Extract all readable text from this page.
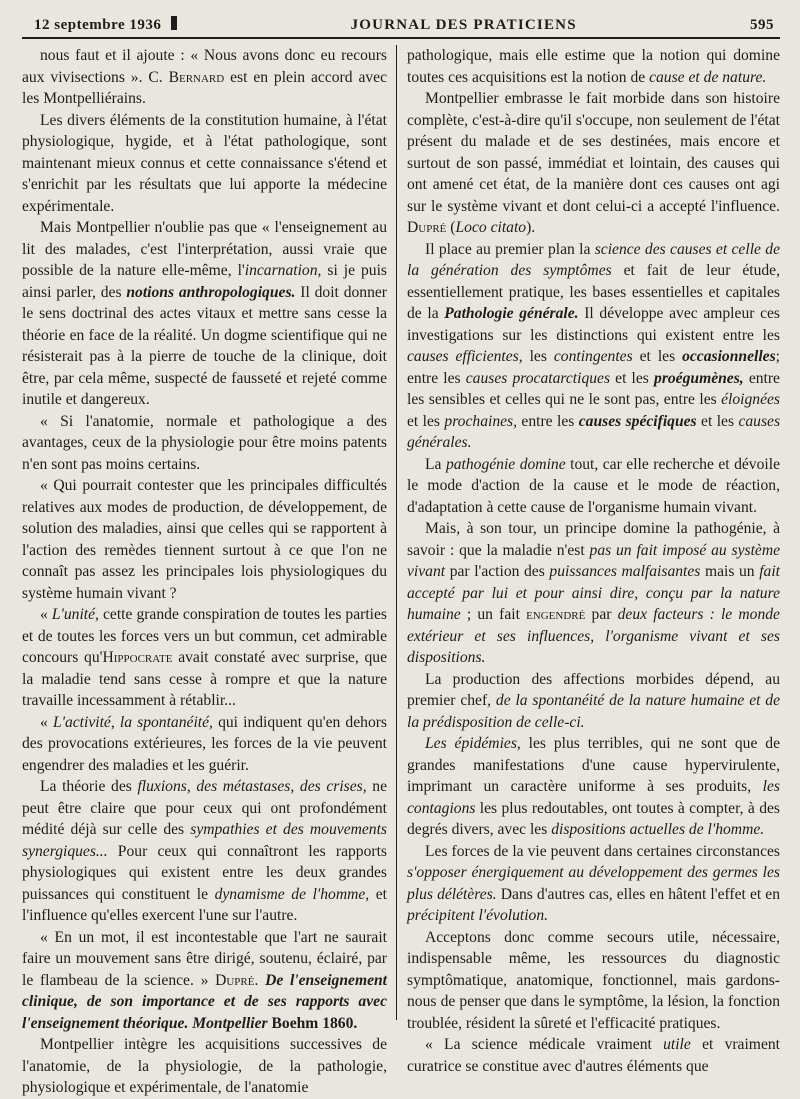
12 septembre 1936	JOURNAL DES PRATICIENS	595

nous faut et il ajoute : « Nous avons donc eu recours aux vivisections ». C. Bernard est en plein accord avec les Montpelliérains.

Les divers éléments de la constitution humaine, à l'état physiologique, hygide, et à l'état pathologique, sont maintenant mieux connus et cette connaissance s'étend et s'enrichit par les résultats que lui apporte la médecine expérimentale.

Mais Montpellier n'oublie pas que « l'enseignement au lit des malades, c'est l'interprétation, aussi vraie que possible de la nature elle-même, l'incarnation, si je puis ainsi parler, des notions anthropologiques. Il doit donner le sens doctrinal des actes vitaux et mettre sans cesse la théorie en face de la réalité. Un dogme scientifique qui ne résisterait pas à la pierre de touche de la clinique, doit être, par cela même, suspecté de fausseté et rejeté comme inutile et dangereux.

« Si l'anatomie, normale et pathologique a des avantages, ceux de la physiologie pour être moins patents n'en sont pas moins certains.

« Qui pourrait contester que les principales difficultés relatives aux modes de production, de développement, de solution des maladies, ainsi que celles qui se rapportent à l'action des remèdes tiennent surtout à ce que l'on ne connaît pas assez les principales lois physiologiques du système humain vivant ?

« L'unité, cette grande conspiration de toutes les parties et de toutes les forces vers un but commun, cet admirable concours qu'Hippocrate avait constaté avec surprise, que la maladie tend sans cesse à rompre et que la nature travaille incessamment à rétablir...

« L'activité, la spontanéité, qui indiquent qu'en dehors des provocations extérieures, les forces de la vie peuvent engendrer des maladies et les guérir.

La théorie des fluxions, des métastases, des crises, ne peut être claire que pour ceux qui ont profondément médité déjà sur celle des sympathies et des mouvements synergiques... Pour ceux qui connaîtront les rapports physiologiques qui existent entre les deux grandes puissances qui constituent le dynamisme de l'homme, et l'influence qu'elles exercent l'une sur l'autre.

« En un mot, il est incontestable que l'art ne saurait faire un mouvement sans être dirigé, soutenu, éclairé, par le flambeau de la science. » Dupré. De l'enseignement clinique, de son importance et de ses rapports avec l'enseignement théorique. Montpellier Boehm 1860.

Montpellier intègre les acquisitions successives de l'anatomie, de la physiologie, de la pathologie, physiologique et expérimentale, de l'anatomie

pathologique, mais elle estime que la notion qui domine toutes ces acquisitions est la notion de cause et de nature.

Montpellier embrasse le fait morbide dans son histoire complète, c'est-à-dire qu'il s'occupe, non seulement de l'état présent du malade et de ses destinées, mais encore et surtout de son passé, immédiat et lointain, des causes qui ont amené cet état, de la manière dont ces causes ont agi sur le système vivant et dont celui-ci a accepté l'influence. Dupré (Loco citato).

Il place au premier plan la science des causes et celle de la génération des symptômes et fait de leur étude, essentiellement pratique, les bases essentielles et capitales de la Pathologie générale. Il développe avec ampleur ces investigations sur les distinctions qui existent entre les causes efficientes, les contingentes et les occasionnelles; entre les causes procatarctiques et les proégumènes, entre les sensibles et celles qui ne le sont pas, entre les éloignées et les prochaines, entre les causes spécifiques et les causes générales.

La pathogénie domine tout, car elle recherche et dévoile le mode d'action de la cause et le mode de réaction, d'adaptation à cette cause de l'organisme humain vivant.

Mais, à son tour, un principe domine la pathogénie, à savoir : que la maladie n'est pas un fait imposé au système vivant par l'action des puissances malfaisantes mais un fait accepté par lui et pour ainsi dire, conçu par la nature humaine ; un fait engendré par deux facteurs : le monde extérieur et ses influences, l'organisme vivant et ses dispositions.

La production des affections morbides dépend, au premier chef, de la spontanéité de la nature humaine et de la prédisposition de celle-ci.

Les épidémies, les plus terribles, qui ne sont que de grandes manifestations d'une cause hypervirulente, imprimant un caractère uniforme à ses produits, les contagions les plus redoutables, ont toutes à compter, à des degrés divers, avec les dispositions actuelles de l'homme.

Les forces de la vie peuvent dans certaines circonstances s'opposer énergiquement au développement des germes les plus délétères. Dans d'autres cas, elles en hâtent l'effet et en précipitent l'évolution.

Acceptons donc comme secours utile, nécessaire, indispensable même, les ressources du diagnostic symptômatique, anatomique, fonctionnel, mais gardons-nous de penser que dans le symptôme, la lésion, la fonction troublée, résident la sûreté et l'efficacité pratiques.

« La science médicale vraiment utile et vraiment curatrice se constitue avec d'autres éléments que
